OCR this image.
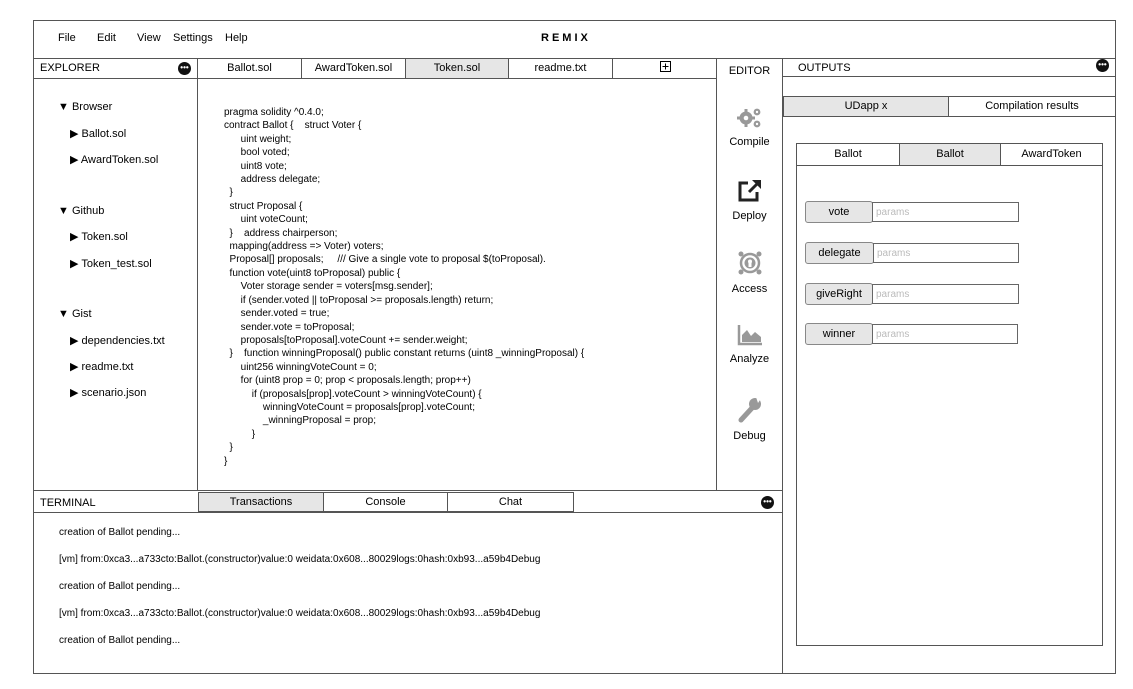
File Edit View Settings Help	REMIX
EXPLORER	•••
▼ Browser
▶ Ballot.sol
▶ AwardToken.sol
▼ Github
▶ Token.sol
▶ Token_test.sol
▼ Gist
▶ dependencies.txt
▶ readme.txt
▶ scenario.json
Ballot.sol	AwardToken.sol	Token.sol	readme.txt
pragma solidity ^0.4.0;
contract Ballot {    struct Voter {
uint weight;
bool voted;
uint8 vote;
address delegate;
}
struct Proposal {
uint voteCount;
}    address chairperson;
mapping(address => Voter) voters;
Proposal[] proposals;     /// Give a single vote to proposal $(toProposal).
function vote(uint8 toProposal) public {
Voter storage sender = voters[msg.sender];
if (sender.voted || toProposal >= proposals.length) return;
sender.voted = true;
sender.vote = toProposal;
proposals[toProposal].voteCount += sender.weight;
}    function winningProposal() public constant returns (uint8 _winningProposal) {
uint256 winningVoteCount = 0;
for (uint8 prop = 0; prop < proposals.length; prop++)
if (proposals[prop].voteCount > winningVoteCount) {
winningVoteCount = proposals[prop].voteCount;
_winningProposal = prop;
}
}
}
EDITOR
Compile
Deploy
Access
Analyze
Debug
OUTPUTS	•••
UDapp x	Compilation results
Ballot	Ballot	AwardToken
vote
params
delegate
params
giveRight
params
winner
params
TERMINAL	Transactions	Console	Chat	•••
creation of Ballot pending...
[vm] from:0xca3...a733cto:Ballot.(constructor)value:0 weidata:0x608...80029logs:0hash:0xb93...a59b4Debug
creation of Ballot pending...
[vm] from:0xca3...a733cto:Ballot.(constructor)value:0 weidata:0x608...80029logs:0hash:0xb93...a59b4Debug
creation of Ballot pending...
